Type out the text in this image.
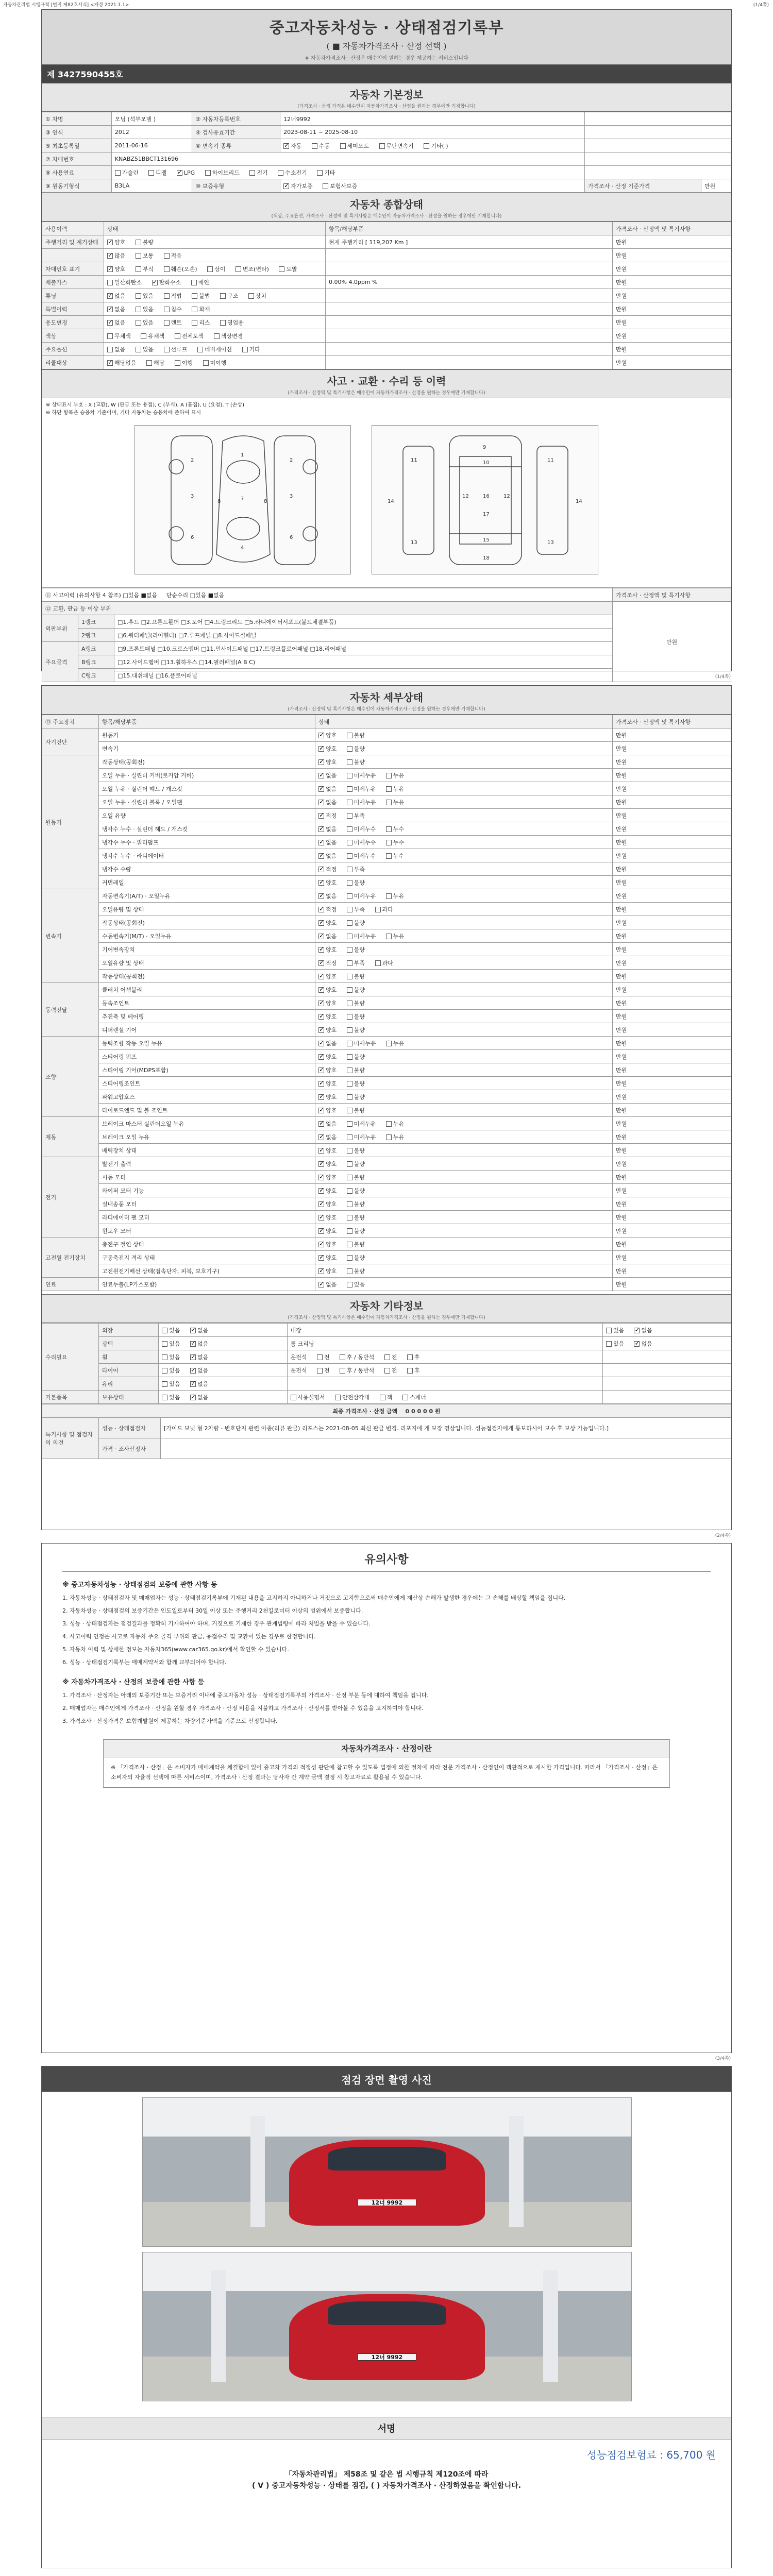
자동차관리법 시행규칙 [별지 제82호서식] <개정 2021.1.1>	(1/4쪽)
중고자동차성능 · 상태점검기록부
( ■ 자동차가격조사 · 산정 선택 )
※ 자동차가격조사 · 산정은 매수인이 원하는 경우 제공하는 서비스입니다
제 3427590455호
자동차 기본정보
(가격조사 · 산정 가격은 매수인이 자동차가격조사 · 산정을 원하는 경우에만 기재합니다)
① 차명	모닝 (석부모델 )	② 자동차등록번호	12너9992		
③ 연식	2012	④ 검사유효기간	2023-08-11 ~ 2025-08-10		
⑤ 최초등록일	2011-06-16	⑥ 변속기 종류	✓자동 수동 세미오토 무단변속기 기타( )	
⑦ 차대번호	KNABZ51BBCT131696				
⑧ 사용연료	가솔린 디젤 ✓ LPG 하이브리드 전기 수소전기 기타	
⑨ 원동기형식	B3LA	⑩ 보증유형	✓자가보증 보험사보증	가격조사 · 산정 기준가격	만원
자동차 종합상태
(색상, 주요옵션, 가격조사 · 산정액 및 특기사항은 매수인이 자동차가격조사 · 산정을 원하는 경우에만 기재합니다)
사용이력	상태	항목/해당부품	가격조사 · 산정액 및 특기사항
주행거리 및 계기상태	✓양호 불량	현재 주행거리 [ 119,207 Km ]	만원
	✓많음 보통 적음		만원
차대번호 표기	✓양호 부식 훼손(오손) 상이 변조(변타) 도말		만원
배출가스	일산화탄소 ✓ 탄화수소 매연	0.00% 4.0ppm %	만원
튜닝	✓없음 있음 적법 불법 구조 장치		만원
특별이력	✓없음 있음 침수 화재		만원
용도변경	✓없음 있음 렌트 리스 영업용		만원
색상	무채색 유채색 전체도색 색상변경		만원
주요옵션	없음 있음 선루프 네비게이션 기타		만원
리콜대상	✓해당없음 해당 이행 미이행		만원
사고 · 교환 · 수리 등 이력
(가격조사 · 산정액 및 특기사항은 매수인이 자동차가격조사 · 산정을 원하는 경우에만 기재합니다)
※ 상태표시 부호 : X (교환), W (판금 또는 용접), C (부식), A (흠집), U (요철), T (손상)
※ 하단 항목은 승용차 기준이며, 기타 자동차는 승용차에 준하여 표시
1
2
3	3
2
4
7
6	6
8	8
9
10
12	12
16
15
11	11
13	13
18
17
14	14
⑪ 사고이력 (유의사항 4 참조) □있음 ■없음 단순수리 □있음 ■없음			가격조사 · 산정액 및 특기사항
⑫ 교환, 판금 등 이상 부위			만원
외판부위	1랭크	□1.후드 □2.프론트휀더 □3.도어 □4.트렁크리드 □5.라디에이터서포트(볼트체결부품)	
	2랭크	□6.쿼터패널(리어휀더) □7.루프패널 □8.사이드실패널	
주요골격	A랭크	□9.프론트패널 □10.크로스멤버 □11.인사이드패널 □17.트렁크플로어패널 □18.리어패널	
	B랭크	□12.사이드멤버 □13.휠하우스 □14.필러패널(A B C)	
	C랭크	□15.대쉬패널 □16.플로어패널		(1/4쪽)
자동차 세부상태
(가격조사 · 산정액 및 특기사항은 매수인이 자동차가격조사 · 산정을 원하는 경우에만 기재합니다)
⑬ 주요장치	항목/해당부품	상태	가격조사 · 산정액 및 특기사항
자기진단	원동기	✓양호 불량	만원
	변속기	✓양호 불량	만원
원동기	작동상태(공회전)	✓양호 불량	만원
	오일 누유 · 실린더 커버(로커암 커버)	✓없음 미세누유 누유	만원
	오일 누유 · 실린더 헤드 / 개스킷	✓없음 미세누유 누유	만원
	오일 누유 · 실린더 블록 / 오일팬	✓없음 미세누유 누유	만원
	오일 유량	✓적정 부족	만원
	냉각수 누수 · 실린더 헤드 / 개스킷	✓없음 미세누수 누수	만원
	냉각수 누수 · 워터펌프	✓없음 미세누수 누수	만원
	냉각수 누수 · 라디에이터	✓없음 미세누수 누수	만원
	냉각수 수량	✓적정 부족	만원
	커먼레일	✓양호 불량	만원
변속기	자동변속기(A/T) · 오일누유	✓없음 미세누유 누유	만원
	오일유량 및 상태	✓적정 부족 과다	만원
	작동상태(공회전)	✓양호 불량	만원
	수동변속기(M/T) · 오일누유	✓없음 미세누유 누유	만원
	기어변속장치	✓양호 불량	만원
	오일유량 및 상태	✓적정 부족 과다	만원
	작동상태(공회전)	✓양호 불량	만원
동력전달	클러치 어셈블리	✓양호 불량	만원
	등속조인트	✓양호 불량	만원
	추진축 및 베어링	✓양호 불량	만원
	디퍼렌셜 기어	✓양호 불량	만원
조향	동력조향 작동 오일 누유	✓없음 미세누유 누유	만원
	스티어링 펌프	✓양호 불량	만원
	스티어링 기어(MDPS포함)	✓양호 불량	만원
	스티어링조인트	✓양호 불량	만원
	파워고압호스	✓양호 불량	만원
	타이로드엔드 및 볼 조인트	✓양호 불량	만원
제동	브레이크 마스터 실린더오일 누유	✓없음 미세누유 누유	만원
	브레이크 오일 누유	✓없음 미세누유 누유	만원
	배력장치 상태	✓양호 불량	만원
전기	발전기 출력	✓양호 불량	만원
	시동 모터	✓양호 불량	만원
	와이퍼 모터 기능	✓양호 불량	만원
	실내송풍 모터	✓양호 불량	만원
	라디에이터 팬 모터	✓양호 불량	만원
	윈도우 모터	✓양호 불량	만원
고전원 전기장치	충전구 절연 상태	✓양호 불량	만원
	구동축전지 격리 상태	✓양호 불량	만원
	고전원전기배선 상태(접속단자, 피복, 보호기구)	✓양호 불량	만원
연료	연료누출(LP가스포함)	✓없음 있음	만원
자동차 기타정보
(가격조사 · 산정액 및 특기사항은 매수인이 자동차가격조사 · 산정을 원하는 경우에만 기재합니다)
수리필요	외장	있음 ✓ 없음	내장	있음 ✓ 없음
	광택	있음 ✓ 없음	룸 크리닝	있음 ✓ 없음
	휠	있음 ✓ 없음	운전석 전 후 / 동반석 전 후	
	타이어	있음 ✓ 없음	운전석 전 후 / 동반석 전 후	
	유리	있음 ✓ 없음		
기본품목	보유상태	있음 ✓ 없음	사용설명서 안전삼각대 잭 스패너	
최종 가격조사 · 산정 금액 0 0 0 0 0 원		
특기사항 및 점검자의 의견	성능 · 상태점검자	[가이드 보닛 형 2차량 - 변호단지 관련 이종(리뷰 판금) 리포스는 2021-08-05 최신 판금 변경. 리포지에 개 보장 영상입니다. 성능점검자에게 통보하시어 보수 후 보상 가능입니다.]
	가격 · 조사산정자	
(2/4쪽)
유의사항
※ 중고자동차성능 · 상태점검의 보증에 관한 사항 등
1. 자동차성능 · 상태점검자 및 매매업자는 성능 · 상태점검기록부에 기재된 내용을 고지하지 아니하거나 거짓으로 고지함으로써 매수인에게 재산상 손해가 발생한 경우에는 그 손해를 배상할 책임을 집니다.
2. 자동차성능 · 상태점검의 보증기간은 인도일로부터 30일 이상 또는 주행거리 2천킬로미터 이상의 범위에서 보증합니다.
3. 성능 · 상태점검자는 점검결과를 정확히 기재하여야 하며, 거짓으로 기재한 경우 관계법령에 따라 처벌을 받을 수 있습니다.
4. 사고이력 인정은 사고로 자동차 주요 골격 부위의 판금, 용접수리 및 교환이 있는 경우로 한정합니다.
5. 자동차 이력 및 상세한 정보는 자동차365(www.car365.go.kr)에서 확인할 수 있습니다.
6. 성능 · 상태점검기록부는 매매계약서와 함께 교부되어야 합니다.
※ 자동차가격조사 · 산정의 보증에 관한 사항 등
1. 가격조사 · 산정자는 아래의 보증기간 또는 보증거리 이내에 중고자동차 성능 · 상태점검기록부의 가격조사 · 산정 부분 등에 대하여 책임을 집니다.
2. 매매업자는 매수인에게 가격조사 · 산정을 원할 경우 가격조사 · 산정 비용을 지불하고 가격조사 · 산정서를 받아볼 수 있음을 고지하여야 합니다.
3. 가격조사 · 산정가격은 보험개발원이 제공하는 차량기준가액을 기준으로 산정합니다.
자동차가격조사 · 산정이란
※ 「가격조사 · 산정」은 소비자가 매매계약을 체결함에 있어 중고차 가격의 적정성 판단에 참고할 수 있도록 법정에 의한 절차에 따라 전문 가격조사 · 산정인이 객관적으로 제시한 가격입니다. 따라서 「가격조사 · 산정」은 소비자의 자율적 선택에 따른 서비스이며, 가격조사 · 산정 결과는 당사자 간 계약 금액 결정 시 참고자료로 활용될 수 있습니다.
(3/4쪽)
점검 장면 촬영 사진
12너 9992
12너 9992
서명
성능점검보험료 : 65,700 원
「자동차관리법」 제58조 및 같은 법 시행규칙 제120조에 따라
( V ) 중고자동차성능 · 상태를 점검, ( ) 자동차가격조사 · 산정하였음을 확인합니다.
